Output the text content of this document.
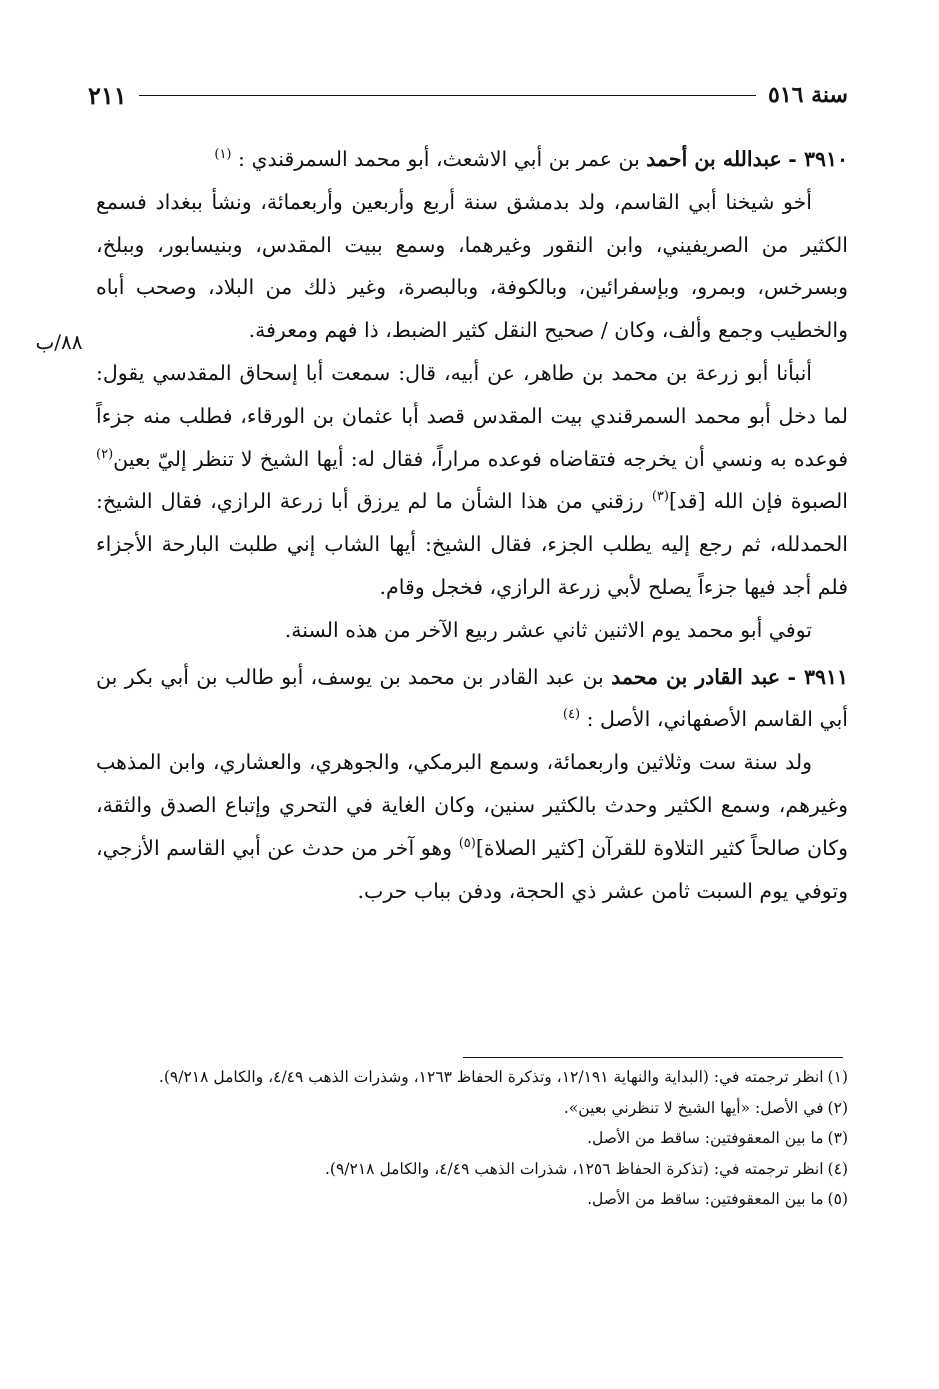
سنة ٥١٦
٢١١
٨٨/ب

٣٩١٠ - عبدالله بن أحمد بن عمر بن أبي الاشعث، أبو محمد السمرقندي : $^{(١)}$

أخو شيخنا أبي القاسم، ولد بدمشق سنة أربع وأربعين وأربعمائة، ونشأ ببغداد فسمع الكثير من الصريفيني، وابن النقور وغيرهما، وسمع ببيت المقدس، وبنيسابور، وببلخ، وبسرخس، وبمرو، وبإسفرائين، وبالكوفة، وبالبصرة، وغير ذلك من البلاد، وصحب أباه والخطيب وجمع وألف، وكان / صحيح النقل كثير الضبط، ذا فهم ومعرفة.

أنبأنا أبو زرعة بن محمد بن طاهر، عن أبيه، قال: سمعت أبا إسحاق المقدسي يقول: لما دخل أبو محمد السمرقندي بيت المقدس قصد أبا عثمان بن الورقاء، فطلب منه جزءاً فوعده به ونسي أن يخرجه فتقاضاه فوعده مراراً، فقال له: أيها الشيخ لا تنظر إليّ بعين$^{(٢)}$ الصبوة فإن الله [قد]$^{(٣)}$ رزقني من هذا الشأن ما لم يرزق أبا زرعة الرازي، فقال الشيخ: الحمدلله، ثم رجع إليه يطلب الجزء، فقال الشيخ: أيها الشاب إني طلبت البارحة الأجزاء فلم أجد فيها جزءاً يصلح لأبي زرعة الرازي، فخجل وقام.

توفي أبو محمد يوم الاثنين ثاني عشر ربيع الآخر من هذه السنة.

٣٩١١ - عبد القادر بن محمد بن عبد القادر بن محمد بن يوسف، أبو طالب بن أبي بكر بن أبي القاسم الأصفهاني، الأصل : $^{(٤)}$

ولد سنة ست وثلاثين واربعمائة، وسمع البرمكي، والجوهري، والعشاري، وابن المذهب وغيرهم، وسمع الكثير وحدث بالكثير سنين، وكان الغاية في التحري وإتباع الصدق والثقة، وكان صالحاً كثير التلاوة للقرآن [كثير الصلاة]$^{(٥)}$ وهو آخر من حدث عن أبي القاسم الأزجي، وتوفي يوم السبت ثامن عشر ذي الحجة، ودفن بباب حرب.

(١)انظر ترجمته في: (البداية والنهاية ١٢/١٩١، وتذكرة الحفاظ ١٢٦٣، وشذرات الذهب ٤/٤٩، والكامل ٩/٢١٨).

(٢)في الأصل: «أيها الشيخ لا تنظرني بعين».

(٣)ما بين المعقوفتين: ساقط من الأصل.

(٤)انظر ترجمته في: (تذكرة الحفاظ ١٢٥٦، شذرات الذهب ٤/٤٩، والكامل ٩/٢١٨).

(٥)ما بين المعقوفتين: ساقط من الأصل.
